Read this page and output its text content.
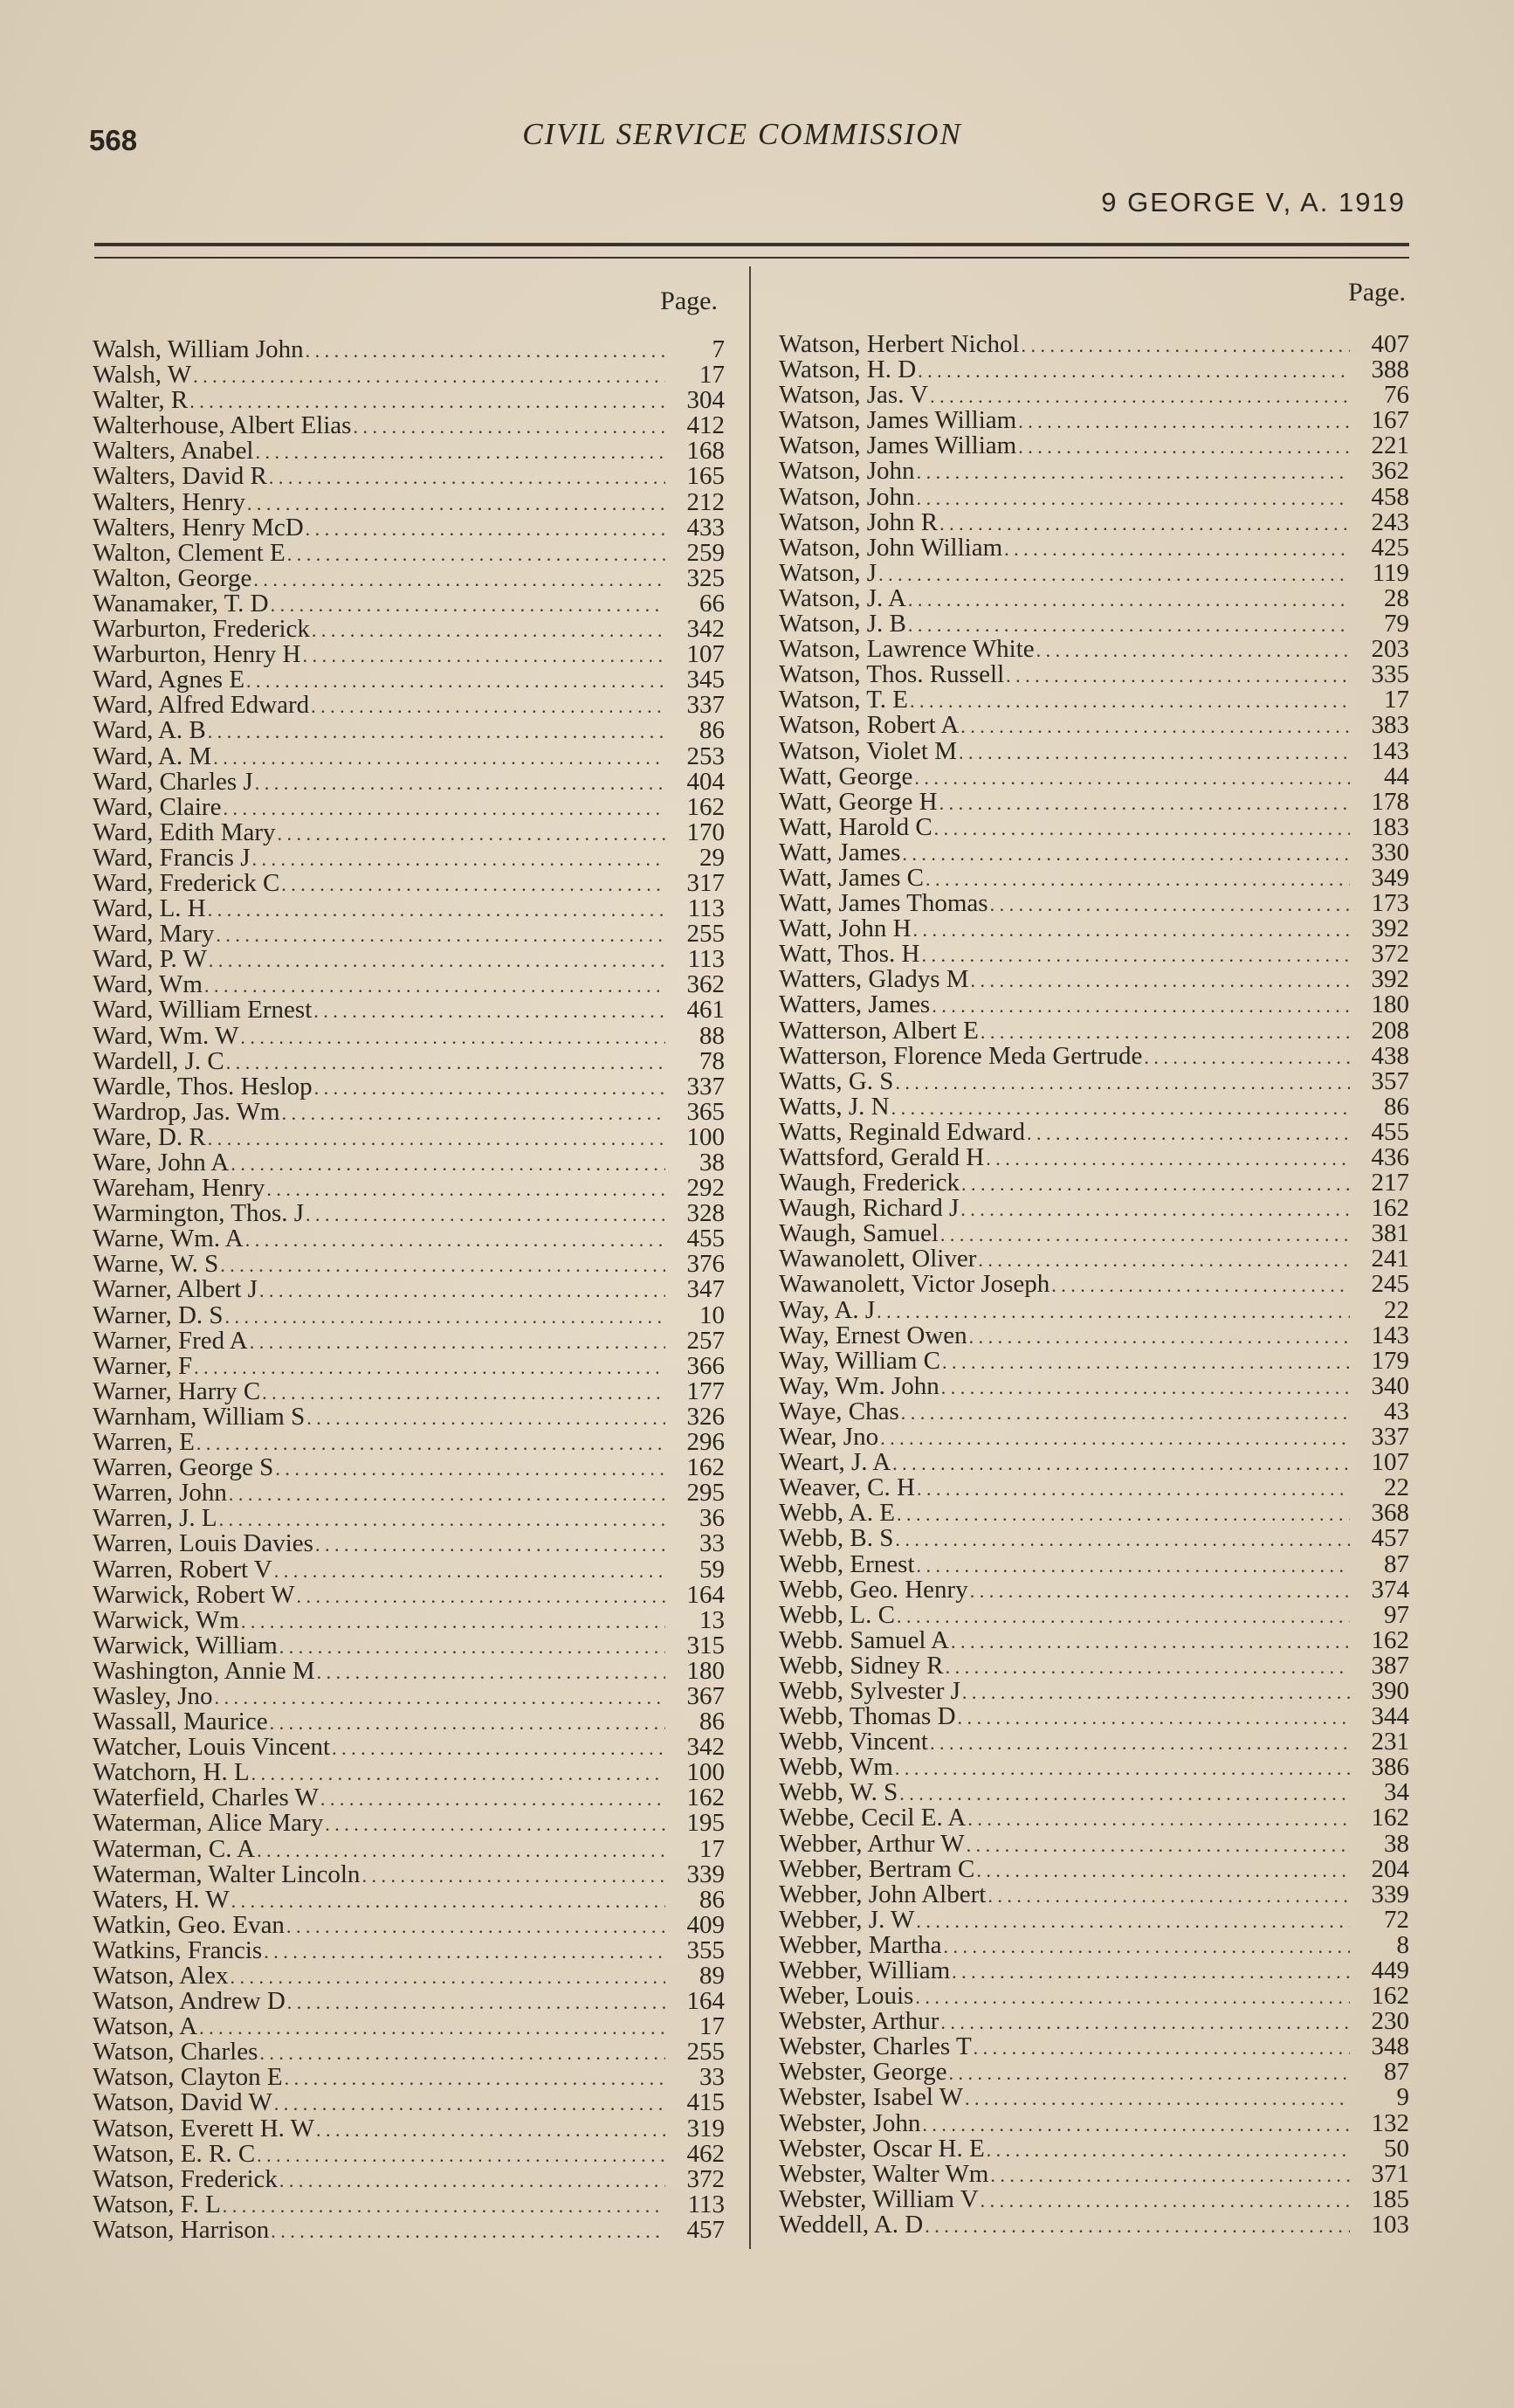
568	CIVIL SERVICE COMMISSION
9 GEORGE V, A. 1919
Page.	Page.
Walsh, William John . . .	7
Walsh, W . . .	17
Walter, R . . .	304
Walterhouse, Albert Elias . . .	412
Walters, Anabel . . .	168
Walters, David R . . .	165
Walters, Henry . . .	212
Walters, Henry McD . . .	433
Walton, Clement E . . .	259
Walton, George . . .	325
Wanamaker, T. D . . .	66
Warburton, Frederick . . .	342
Warburton, Henry H . . .	107
Ward, Agnes E . . .	345
Ward, Alfred Edward . . .	337
Ward, A. B . . .	86
Ward, A. M . . .	253
Ward, Charles J . . .	404
Ward, Claire . . .	162
Ward, Edith Mary . . .	170
Ward, Francis J . . .	29
Ward, Frederick C . . .	317
Ward, L. H . . .	113
Ward, Mary . . .	255
Ward, P. W . . .	113
Ward, Wm . . .	362
Ward, William Ernest . . .	461
Ward, Wm. W . . .	88
Wardell, J. C . . .	78
Wardle, Thos. Heslop . . .	337
Wardrop, Jas. Wm . . .	365
Ware, D. R . . .	100
Ware, John A . . .	38
Wareham, Henry . . .	292
Warmington, Thos. J . . .	328
Warne, Wm. A . . .	455
Warne, W. S . . .	376
Warner, Albert J . . .	347
Warner, D. S . . .	10
Warner, Fred A . . .	257
Warner, F . . .	366
Warner, Harry C . . .	177
Warnham, William S . . .	326
Warren, E . . .	296
Warren, George S . . .	162
Warren, John . . .	295
Warren, J. L . . .	36
Warren, Louis Davies . . .	33
Warren, Robert V . . .	59
Warwick, Robert W . . .	164
Warwick, Wm . . .	13
Warwick, William . . .	315
Washington, Annie M . . .	180
Wasley, Jno . . .	367
Wassall, Maurice . . .	86
Watcher, Louis Vincent . . .	342
Watchorn, H. L . . .	100
Waterfield, Charles W . . .	162
Waterman, Alice Mary . . .	195
Waterman, C. A . . .	17
Waterman, Walter Lincoln . . .	339
Waters, H. W . . .	86
Watkin, Geo. Evan . . .	409
Watkins, Francis . . .	355
Watson, Alex . . .	89
Watson, Andrew D . . .	164
Watson, A . . .	17
Watson, Charles . . .	255
Watson, Clayton E . . .	33
Watson, David W . . .	415
Watson, Everett H. W . . .	319
Watson, E. R. C . . .	462
Watson, Frederick . . .	372
Watson, F. L . . .	113
Watson, Harrison . . .	457
Watson, Herbert Nichol . . .	407
Watson, H. D . . .	388
Watson, Jas. V . . .	76
Watson, James William . . .	167
Watson, James William . . .	221
Watson, John . . .	362
Watson, John . . .	458
Watson, John R . . .	243
Watson, John William . . .	425
Watson, J . . .	119
Watson, J. A . . .	28
Watson, J. B . . .	79
Watson, Lawrence White . . .	203
Watson, Thos. Russell . . .	335
Watson, T. E . . .	17
Watson, Robert A . . .	383
Watson, Violet M . . .	143
Watt, George . . .	44
Watt, George H . . .	178
Watt, Harold C . . .	183
Watt, James . . .	330
Watt, James C . . .	349
Watt, James Thomas . . .	173
Watt, John H . . .	392
Watt, Thos. H . . .	372
Watters, Gladys M . . .	392
Watters, James . . .	180
Watterson, Albert E . . .	208
Watterson, Florence Meda Gertrude . . .	438
Watts, G. S . . .	357
Watts, J. N . . .	86
Watts, Reginald Edward . . .	455
Wattsford, Gerald H . . .	436
Waugh, Frederick . . .	217
Waugh, Richard J . . .	162
Waugh, Samuel . . .	381
Wawanolett, Oliver . . .	241
Wawanolett, Victor Joseph . . .	245
Way, A. J . . .	22
Way, Ernest Owen . . .	143
Way, William C . . .	179
Way, Wm. John . . .	340
Waye, Chas . . .	43
Wear, Jno . . .	337
Weart, J. A . . .	107
Weaver, C. H . . .	22
Webb, A. E . . .	368
Webb, B. S . . .	457
Webb, Ernest . . .	87
Webb, Geo. Henry . . .	374
Webb, L. C . . .	97
Webb. Samuel A . . .	162
Webb, Sidney R . . .	387
Webb, Sylvester J . . .	390
Webb, Thomas D . . .	344
Webb, Vincent . . .	231
Webb, Wm . . .	386
Webb, W. S . . .	34
Webbe, Cecil E. A . . .	162
Webber, Arthur W . . .	38
Webber, Bertram C . . .	204
Webber, John Albert . . .	339
Webber, J. W . . .	72
Webber, Martha . . .	8
Webber, William . . .	449
Weber, Louis . . .	162
Webster, Arthur . . .	230
Webster, Charles T . . .	348
Webster, George . . .	87
Webster, Isabel W . . .	9
Webster, John . . .	132
Webster, Oscar H. E . . .	50
Webster, Walter Wm . . .	371
Webster, William V . . .	185
Weddell, A. D . . .	103
